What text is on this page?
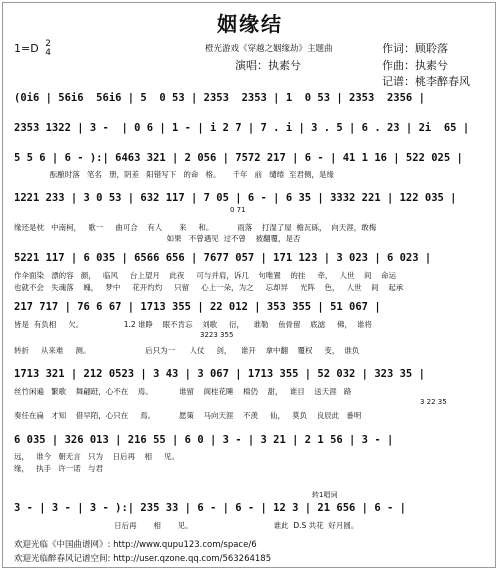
姻缘结
1=D 2
4	橙光游戏《穿越之姻缘劫》主题曲
演唱：执素兮
作词：顾聆落
作曲：执素兮
记谱：桃李醉春风
(0i6 | 56i6  56i6 | 5  0 53 | 2353  2353 | 1  0 53 | 2353  2356 |
2353 1322 | 3 -  | 0 6 | 1 - | i 2 7 | 7 . i | 3 . 5 | 6 . 23 | 2i  65 |
5 5 6 | 6 - ):| 6463 321 | 2 056 | 7572 217 | 6 - | 41 1 16 | 522 025 |
酝酿时落   笔名   册，阴差   阳错写下   的命   格。     千年   前   缱绻  至君侧，是缘
1221 233 | 3 0 53 | 632 117 | 7 05 | 6 - | 6 35 | 3332 221 | 122 035 |
0 71
缘还是枕   中南柯，   歌一     曲可合    有人       来     和。          雨落    打湿了屋  檐瓦砾，  向天涯，敢梅
如果   不曾遇见  过不曾    被翻覆，是否
5221 117 | 6 035 | 6566 656 | 7677 057 | 171 123 | 3 023 | 6 023 |
作伞面染   漂的容   颜，   临风     台上望月    此夜     可与并肩，诉几    句唯置    的挂     牵，   人世    间    命运
也就不会   失魂落    魄，   梦中     花开灼灼     只留     心上一朵，为之     忘却异     光阵    色，   人世    间    起承
217 717 | 76 6 67 | 1713 355 | 22 012 | 353 355 | 51 067 |
皆是  有负相     欠。                 1.2 谁睁    眼不肯忘    刘歌     衍，    谁勒    鱼骨留    底滤     佛，  谁将
3223 355
转折     从来难     测。                       后只为一      人仗     剑，    谁开    拿中翻    覆权     变，  谁负
1713 321 | 212 0523 | 3 43 | 3 067 | 1713 355 | 52 032 | 323 35 |
丝竹闲遍   繁歌    舞翩跹，心不在    焉。           谁留    阆桂花睡    棉仍    甜，   谁目    送天涯   路
3 22 35
奏任在扁   才知    借早陌，心只在     焉。          愿策    马向天涯    不羡     仙，   莫负    良辰此   番明
6 035 | 326 013 | 216 55 | 6 0 | 3 - | 3 21 | 2 1 56 | 3 - |
远，   谁今   朝无言   只为    日后再    相     见。
缘，   执手   许一诺   与君
转1唱词
3 - | 3 - | 3 - ):| 235 33 | 6 - | 6 - | 12 3 | 21 656 | 6 - |
日后再       相       见。                                  谁此  D.S 共花  好月圆。
欢迎光临《中国曲谱网》: http://www.qupu123.com/space/6
欢迎光临醉春风记谱空间: http://user.qzone.qq.com/563264185
